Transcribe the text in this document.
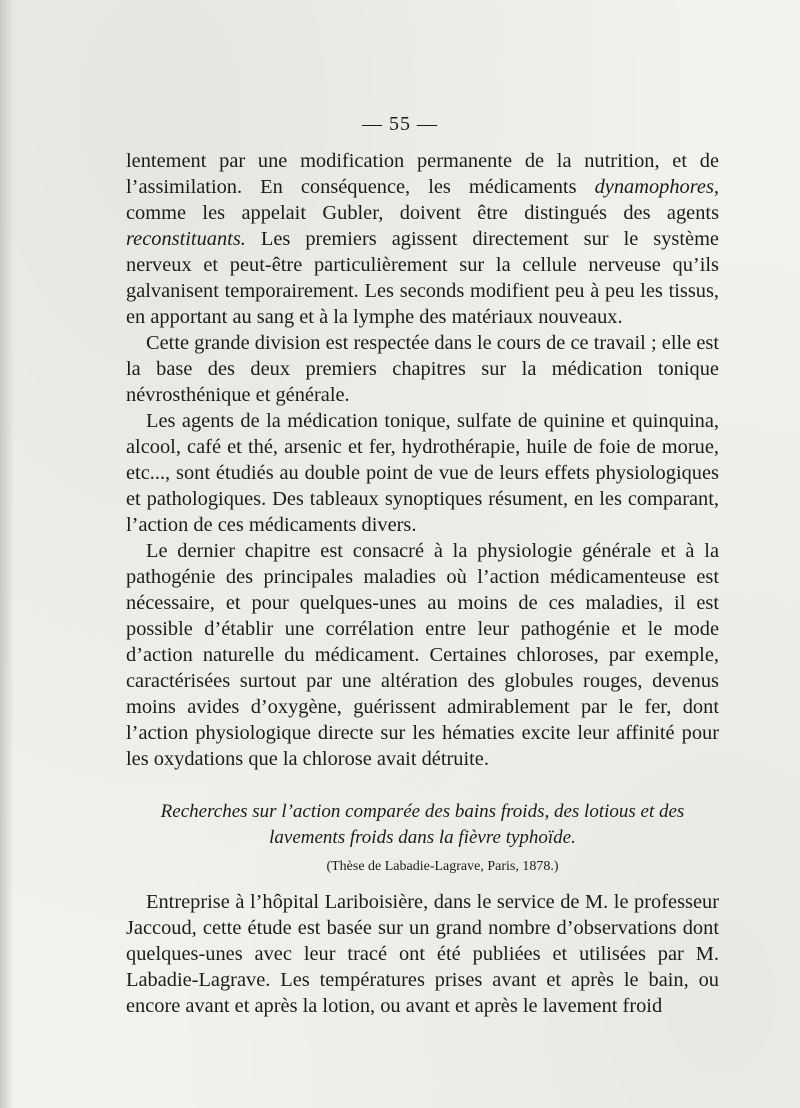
— 55 —

lentement par une modification permanente de la nutrition, et de l’assimilation. En conséquence, les médicaments dynamophores, comme les appelait Gubler, doivent être distingués des agents reconstituants. Les premiers agissent directement sur le système nerveux et peut-être particulièrement sur la cellule nerveuse qu’ils galvanisent temporairement. Les seconds modifient peu à peu les tissus, en apportant au sang et à la lymphe des matériaux nouveaux.

Cette grande division est respectée dans le cours de ce travail ; elle est la base des deux premiers chapitres sur la médication tonique névrosthénique et générale.

Les agents de la médication tonique, sulfate de quinine et quinquina, alcool, café et thé, arsenic et fer, hydrothérapie, huile de foie de morue, etc..., sont étudiés au double point de vue de leurs effets physiologiques et pathologiques. Des tableaux synoptiques résument, en les comparant, l’action de ces médicaments divers.

Le dernier chapitre est consacré à la physiologie générale et à la pathogénie des principales maladies où l’action médicamenteuse est nécessaire, et pour quelques-unes au moins de ces maladies, il est possible d’établir une corrélation entre leur pathogénie et le mode d’action naturelle du médicament. Certaines chloroses, par exemple, caractérisées surtout par une altération des globules rouges, devenus moins avides d’oxygène, guérissent admirablement par le fer, dont l’action physiologique directe sur les hématies excite leur affinité pour les oxydations que la chlorose avait détruite.

Recherches sur l’action comparée des bains froids, des lotious et des
lavements froids dans la fièvre typhoïde.

(Thèse de Labadie-Lagrave, Paris, 1878.)

Entreprise à l’hôpital Lariboisière, dans le service de M. le professeur Jaccoud, cette étude est basée sur un grand nombre d’observations dont quelques-unes avec leur tracé ont été publiées et utilisées par M. Labadie-Lagrave. Les températures prises avant et après le bain, ou encore avant et après la lotion, ou avant et après le lavement froid
